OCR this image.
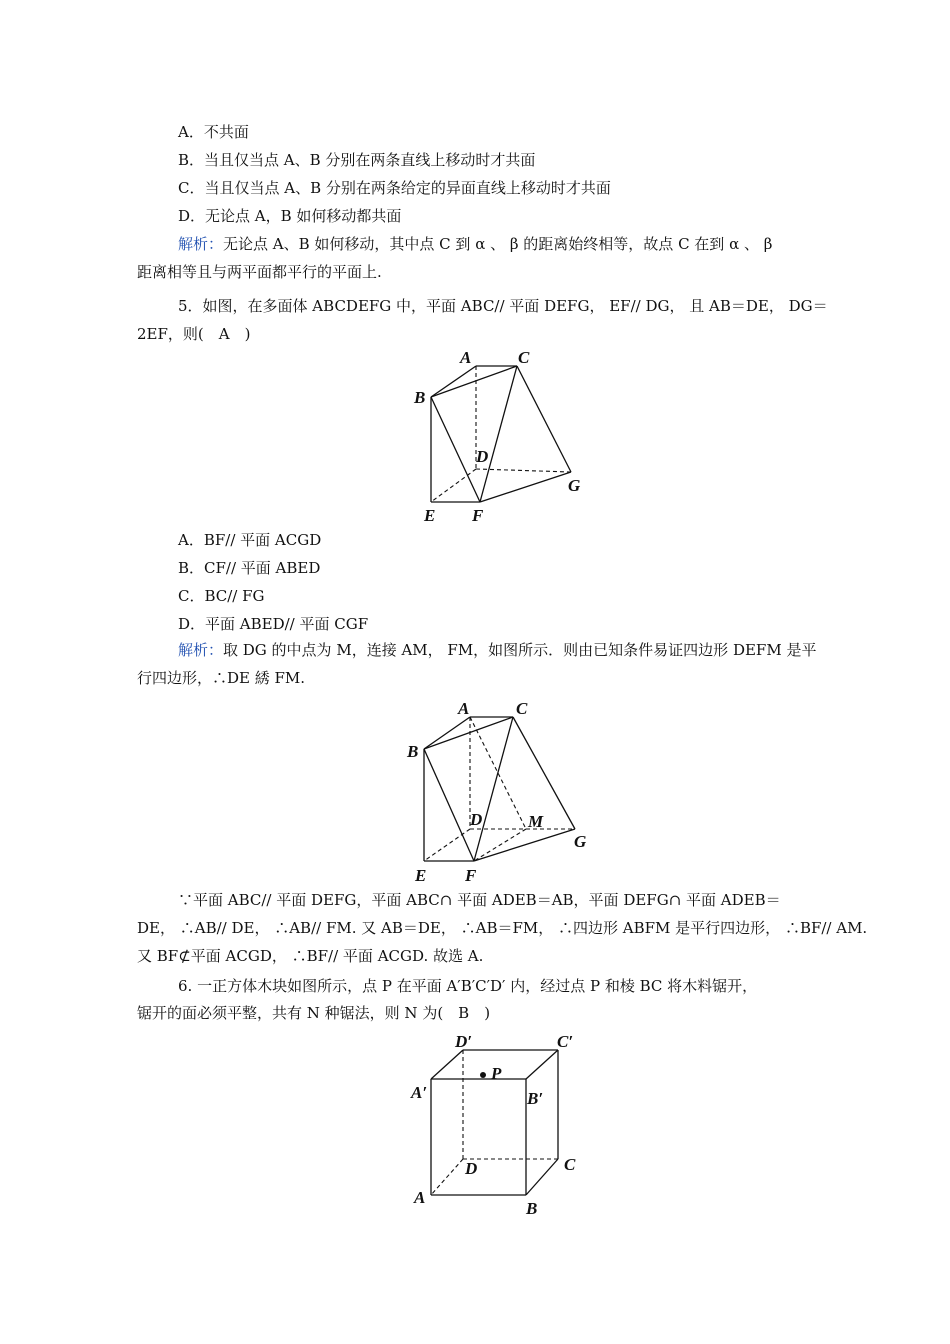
A．不共面
B．当且仅当点 A、B 分别在两条直线上移动时才共面
C．当且仅当点 A、B 分别在两条给定的异面直线上移动时才共面
D．无论点 A，B 如何移动都共面
解析：无论点 A、B 如何移动，其中点 C 到 α 、 β 的距离始终相等，故点 C 在到 α 、 β
距离相等且与两平面都平行的平面上.
5．如图，在多面体 ABCDEFG 中，平面 ABC// 平面 DEFG， EF// DG， 且 AB＝DE， DG＝
2EF，则(　A　)
A	C
B
D
G
E F
A．BF// 平面 ACGD
B．CF// 平面 ABED
C．BC// FG
D．平面 ABED// 平面 CGF
解析：取 DG 的中点为 M，连接 AM， FM，如图所示．则由已知条件易证四边形 DEFM 是平
行四边形，∴DE 綉 FM.
A	C
B
D	M
G
E F
∵平面 ABC// 平面 DEFG，平面 ABC∩ 平面 ADEB＝AB，平面 DEFG∩ 平面 ADEB＝
DE， ∴AB// DE， ∴AB// FM. 又 AB＝DE， ∴AB＝FM， ∴四边形 ABFM 是平行四边形， ∴BF// AM.
又 BF⊄平面 ACGD， ∴BF// 平面 ACGD. 故选 A.
6. 一正方体木块如图所示，点 P 在平面 A′B′C′D′ 内，经过点 P 和棱 BC 将木料锯开，
锯开的面必须平整，共有 N 种锯法，则 N 为(　B　)
D′	C′
A′	B′
P
D	C
A
B
